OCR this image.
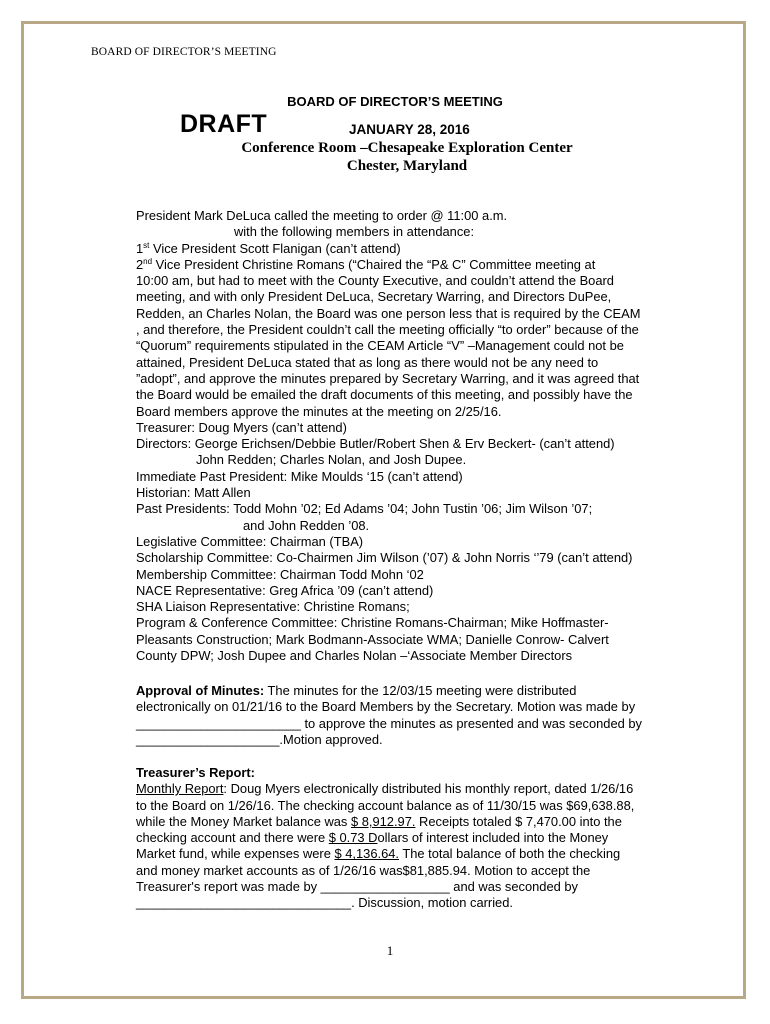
BOARD OF DIRECTOR’S MEETING
BOARD OF DIRECTOR’S MEETING
DRAFT	JANUARY 28, 2016
Conference Room –Chesapeake Exploration Center
Chester, Maryland
President Mark DeLuca called the meeting to order @ 11:00 a.m.
with the following members in attendance:
1st Vice President Scott Flanigan (can’t attend)
2nd Vice President Christine Romans (“Chaired the “P& C” Committee meeting at
10:00 am, but had to meet with the County Executive, and couldn’t attend the Board
meeting, and with only President DeLuca, Secretary Warring, and Directors DuPee,
Redden, an Charles Nolan, the Board was one person less that is required by the CEAM
, and therefore, the President couldn’t call the meeting officially “to order” because of the
“Quorum” requirements stipulated in the CEAM Article “V” –Management could not be
attained, President DeLuca stated that as long as there would not be any need to
”adopt”, and approve the minutes prepared by Secretary Warring, and it was agreed that
the Board would be emailed the draft documents of this meeting, and possibly have the
Board members approve the minutes at the meeting on 2/25/16.
Treasurer: Doug Myers (can’t attend)
Directors: George Erichsen/Debbie Butler/Robert Shen & Erv Beckert- (can’t attend)
John Redden; Charles Nolan, and Josh Dupee.
Immediate Past President: Mike Moulds ‘15 (can’t attend)
Historian: Matt Allen
Past Presidents: Todd Mohn ’02; Ed Adams ’04; John Tustin ’06; Jim Wilson ’07;
and John Redden ’08.
Legislative Committee: Chairman (TBA)
Scholarship Committee: Co-Chairmen Jim Wilson (’07) & John Norris ‘’79 (can’t attend)
Membership Committee: Chairman Todd Mohn ‘02
NACE Representative: Greg Africa ’09 (can’t attend)
SHA Liaison Representative: Christine Romans;
Program & Conference Committee: Christine Romans-Chairman; Mike Hoffmaster-
Pleasants Construction; Mark Bodmann-Associate WMA; Danielle Conrow- Calvert
County DPW; Josh Dupee and Charles Nolan –‘Associate Member Directors
Approval of Minutes: The minutes for the 12/03/15 meeting were distributed
electronically on 01/21/16 to the Board Members by the Secretary. Motion was made by
_______________________ to approve the minutes as presented and was seconded by
____________________.Motion approved.
Treasurer’s Report:
Monthly Report: Doug Myers electronically distributed his monthly report, dated 1/26/16
to the Board on 1/26/16. The checking account balance as of 11/30/15 was $69,638.88,
while the Money Market balance was $ 8,912.97. Receipts totaled $ 7,470.00 into the
checking account and there were $ 0.73 Dollars of interest included into the Money
Market fund, while expenses were $ 4,136.64. The total balance of both the checking
and money market accounts as of 1/26/16 was$81,885.94. Motion to accept the
Treasurer's report was made by __________________ and was seconded by
______________________________. Discussion, motion carried.
1
